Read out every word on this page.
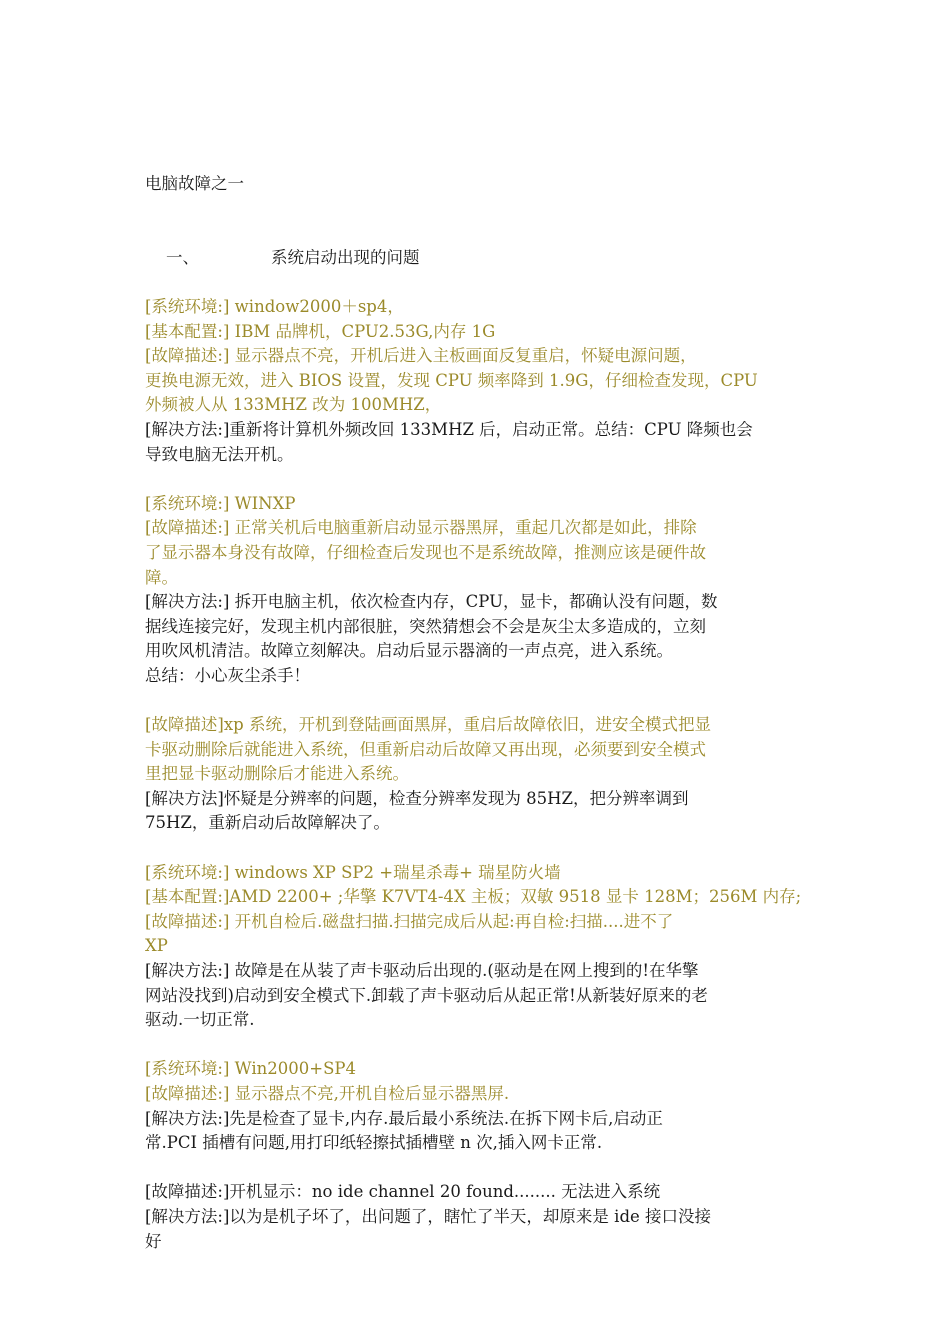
电脑故障之一

一、	系统启动出现的问题

[系统环境:] window2000＋sp4，
[基本配置:] IBM 品牌机，CPU2.53G,内存 1G
[故障描述:] 显示器点不亮，开机后进入主板画面反复重启，怀疑电源问题，
更换电源无效，进入 BIOS 设置，发现 CPU 频率降到 1.9G，仔细检查发现，CPU
外频被人从 133MHZ 改为 100MHZ，
[解决方法:]重新将计算机外频改回 133MHZ 后，启动正常。总结：CPU 降频也会
导致电脑无法开机。
[系统环境:] WINXP
[故障描述:] 正常关机后电脑重新启动显示器黑屏，重起几次都是如此，排除
了显示器本身没有故障，仔细检查后发现也不是系统故障，推测应该是硬件故
障。
[解决方法:] 拆开电脑主机，依次检查内存，CPU，显卡，都确认没有问题，数
据线连接完好，发现主机内部很脏，突然猜想会不会是灰尘太多造成的，立刻
用吹风机清洁。故障立刻解决。启动后显示器滴的一声点亮，进入系统。
总结：小心灰尘杀手！
[故障描述]xp 系统，开机到登陆画面黑屏，重启后故障依旧，进安全模式把显
卡驱动删除后就能进入系统，但重新启动后故障又再出现，必须要到安全模式
里把显卡驱动删除后才能进入系统。
[解决方法]怀疑是分辨率的问题，检查分辨率发现为 85HZ，把分辨率调到
75HZ，重新启动后故障解决了。
[系统环境:] windows XP SP2 +瑞星杀毒+ 瑞星防火墙
[基本配置:]AMD 2200+ ;华擎 K7VT4-4X 主板；双敏 9518 显卡 128M；256M 内存;
[故障描述:] 开机自检后.磁盘扫描.扫描完成后从起:再自检:扫描....进不了
XP
[解决方法:] 故障是在从装了声卡驱动后出现的.(驱动是在网上搜到的!在华擎
网站没找到)启动到安全模式下.卸载了声卡驱动后从起正常!从新装好原来的老
驱动.一切正常.
[系统环境:] Win2000+SP4
[故障描述:] 显示器点不亮,开机自检后显示器黑屏.
[解决方法:]先是检查了显卡,内存.最后最小系统法.在拆下网卡后,启动正
常.PCI 插槽有问题,用打印纸轻擦拭插槽壁 n 次,插入网卡正常.
[故障描述:]开机显示：no ide channel 20 found........ 无法进入系统
[解决方法:]以为是机子坏了，出问题了，瞎忙了半天，却原来是 ide 接口没接
好
